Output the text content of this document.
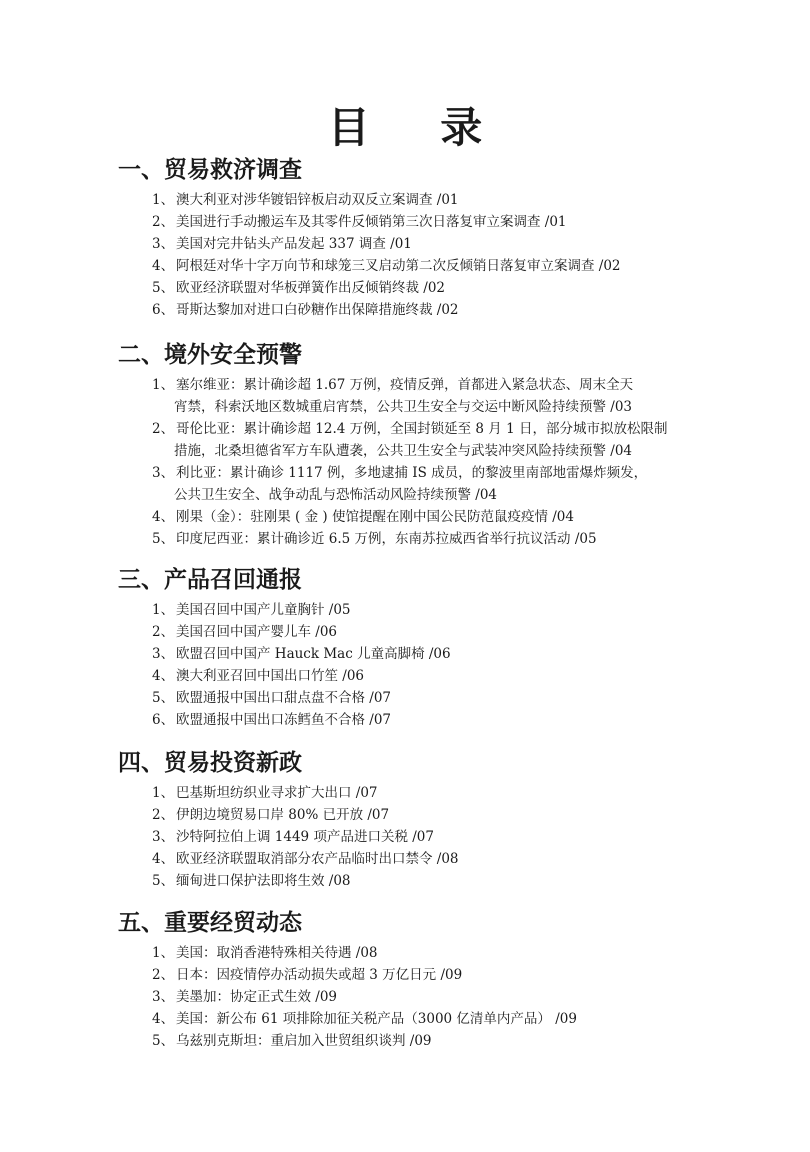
目 录
一、贸易救济调查
1、 澳大利亚对涉华镀铝锌板启动双反立案调查 /01
2、 美国进行手动搬运车及其零件反倾销第三次日落复审立案调查 /01
3、 美国对完井钻头产品发起 337 调查 /01
4、 阿根廷对华十字万向节和球笼三叉启动第二次反倾销日落复审立案调查 /02
5、 欧亚经济联盟对华板弹簧作出反倾销终裁 /02
6、 哥斯达黎加对进口白砂糖作出保障措施终裁 /02
二、境外安全预警
1、 塞尔维亚：累计确诊超 1.67 万例，疫情反弹，首都进入紧急状态、周末全天
宵禁，科索沃地区数城重启宵禁，公共卫生安全与交运中断风险持续预警 /03
2、 哥伦比亚：累计确诊超 12.4 万例，全国封锁延至 8 月 1 日，部分城市拟放松限制
措施，北桑坦德省军方车队遭袭，公共卫生安全与武装冲突风险持续预警 /04
3、 利比亚：累计确诊 1117 例，多地逮捕 IS 成员，的黎波里南部地雷爆炸频发，
公共卫生安全、战争动乱与恐怖活动风险持续预警 /04
4、 刚果（金）：驻刚果 ( 金 ) 使馆提醒在刚中国公民防范鼠疫疫情 /04
5、 印度尼西亚：累计确诊近 6.5 万例，东南苏拉威西省举行抗议活动 /05
三、产品召回通报
1、 美国召回中国产儿童胸针 /05
2、 美国召回中国产婴儿车 /06
3、 欧盟召回中国产 Hauck Mac 儿童高脚椅 /06
4、 澳大利亚召回中国出口竹笙 /06
5、 欧盟通报中国出口甜点盘不合格 /07
6、 欧盟通报中国出口冻鳕鱼不合格 /07
四、贸易投资新政
1、 巴基斯坦纺织业寻求扩大出口 /07
2、 伊朗边境贸易口岸 80% 已开放 /07
3、 沙特阿拉伯上调 1449 项产品进口关税 /07
4、 欧亚经济联盟取消部分农产品临时出口禁令 /08
5、 缅甸进口保护法即将生效 /08
五、重要经贸动态
1、 美国：取消香港特殊相关待遇 /08
2、 日本：因疫情停办活动损失或超 3 万亿日元 /09
3、 美墨加：协定正式生效 /09
4、 美国：新公布 61 项排除加征关税产品（3000 亿清单内产品） /09
5、 乌兹别克斯坦：重启加入世贸组织谈判 /09
